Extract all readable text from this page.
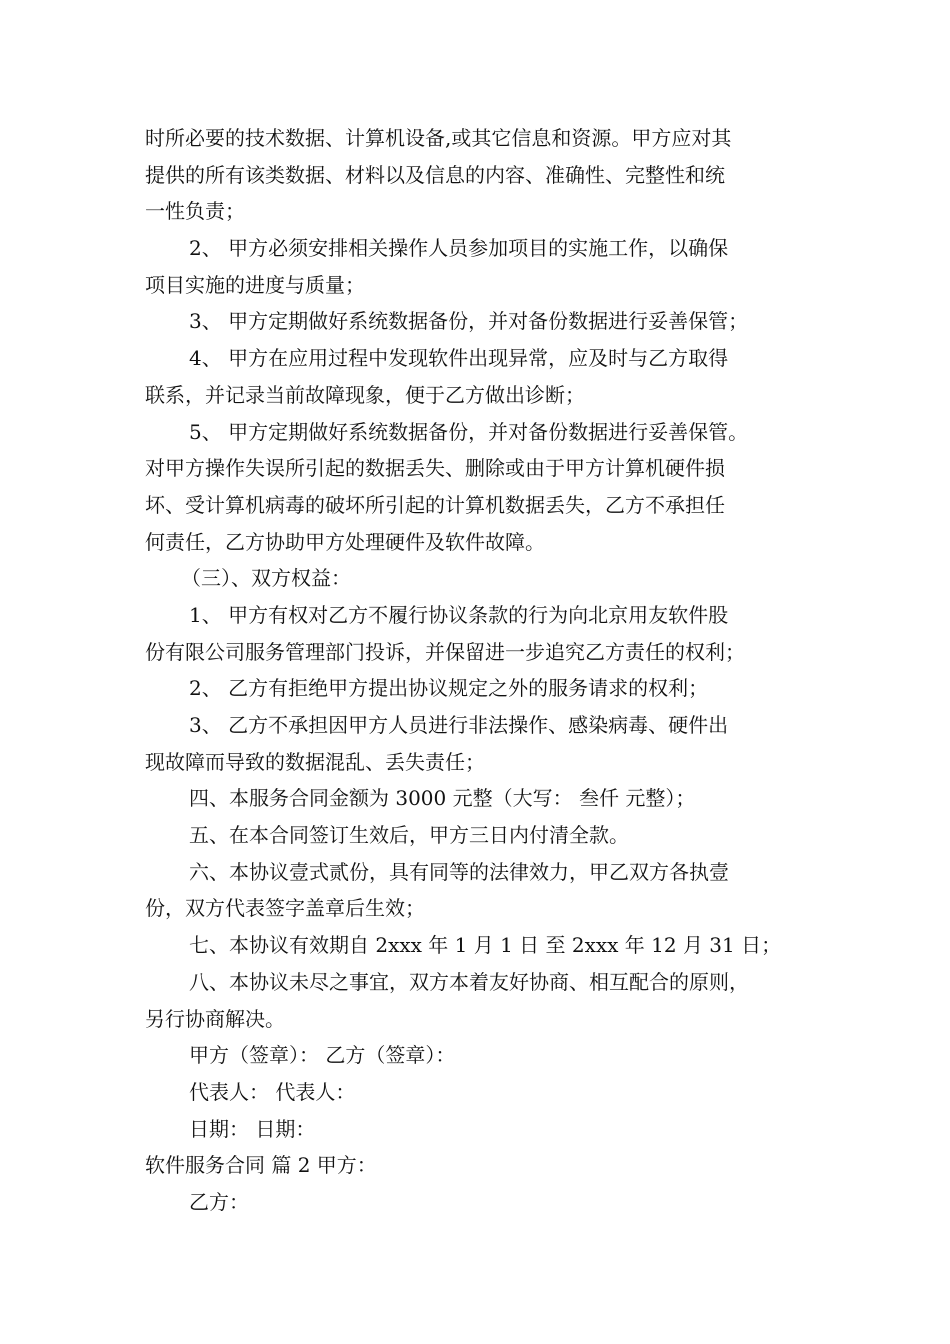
时所必要的技术数据、计算机设备,或其它信息和资源。甲方应对其
提供的所有该类数据、材料以及信息的内容、准确性、完整性和统
一性负责；
2、 甲方必须安排相关操作人员参加项目的实施工作，以确保
项目实施的进度与质量；
3、 甲方定期做好系统数据备份，并对备份数据进行妥善保管；
4、 甲方在应用过程中发现软件出现异常，应及时与乙方取得
联系，并记录当前故障现象，便于乙方做出诊断；
5、 甲方定期做好系统数据备份，并对备份数据进行妥善保管。
对甲方操作失误所引起的数据丢失、删除或由于甲方计算机硬件损
坏、受计算机病毒的破坏所引起的计算机数据丢失，乙方不承担任
何责任，乙方协助甲方处理硬件及软件故障。
（三）、双方权益：
1、 甲方有权对乙方不履行协议条款的行为向北京用友软件股
份有限公司服务管理部门投诉，并保留进一步追究乙方责任的权利；
2、 乙方有拒绝甲方提出协议规定之外的服务请求的权利；
3、 乙方不承担因甲方人员进行非法操作、感染病毒、硬件出
现故障而导致的数据混乱、丢失责任；
四、本服务合同金额为 3000 元整（大写： 叁仟 元整）；
五、在本合同签订生效后，甲方三日内付清全款。
六、本协议壹式贰份，具有同等的法律效力，甲乙双方各执壹
份，双方代表签字盖章后生效；
七、本协议有效期自 2xxx 年 1 月 1 日 至 2xxx 年 12 月 31 日；
八、本协议未尽之事宜，双方本着友好协商、相互配合的原则，
另行协商解决。
甲方（签章）： 乙方（签章）：
代表人： 代表人：
日期： 日期：
软件服务合同 篇 2 甲方：
乙方：
